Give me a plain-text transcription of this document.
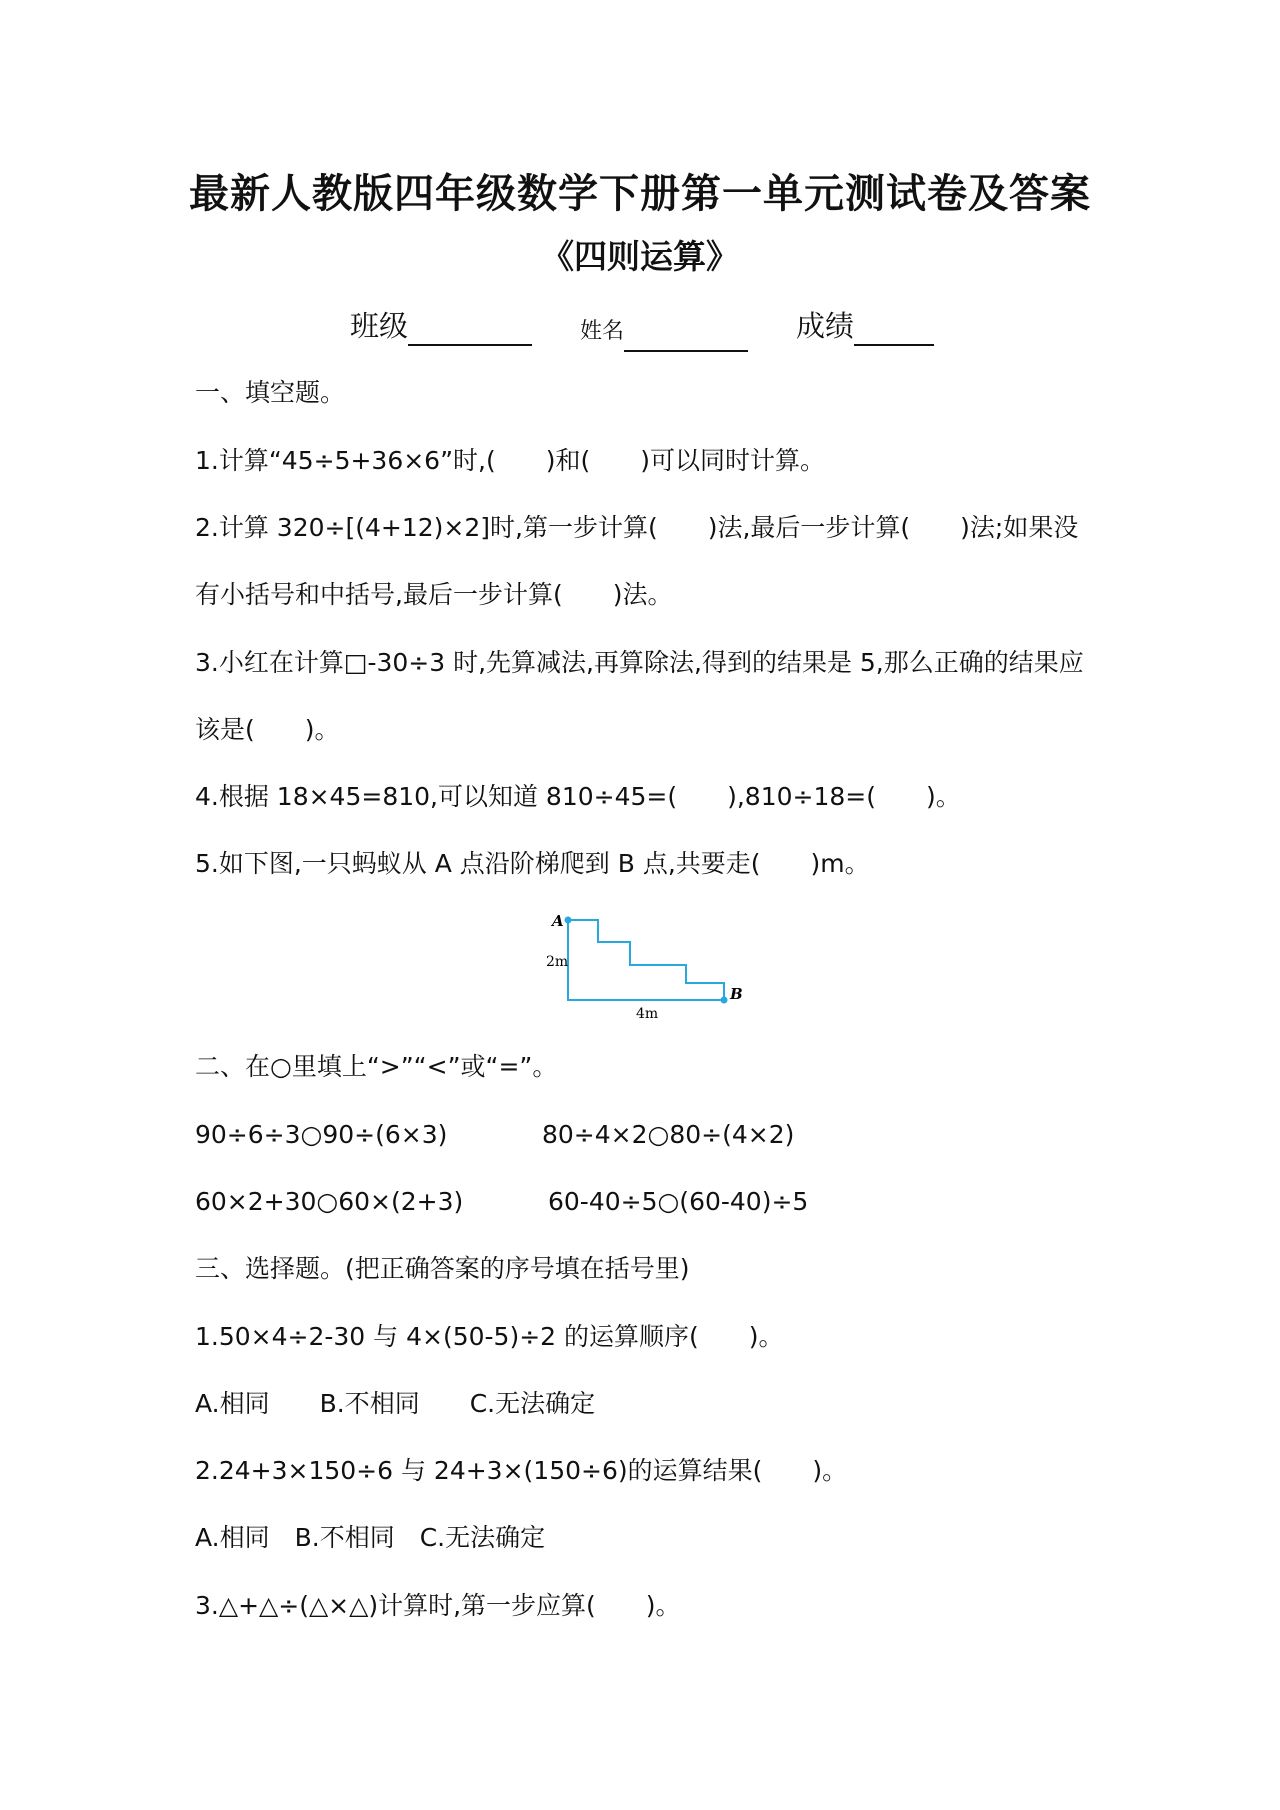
最新人教版四年级数学下册第一单元测试卷及答案
《四则运算》
班级	姓名	成绩
一、填空题。
1.计算“45÷5+36×6”时,(　　)和(　　)可以同时计算。
2.计算 320÷[(4+12)×2]时,第一步计算(　　)法,最后一步计算(　　)法;如果没
有小括号和中括号,最后一步计算(　　)法。
3.小红在计算□-30÷3 时,先算减法,再算除法,得到的结果是 5,那么正确的结果应
该是(　　)。
4.根据 18×45=810,可以知道 810÷45=(　　),810÷18=(　　)。
5.如下图,一只蚂蚁从 A 点沿阶梯爬到 B 点,共要走(　　)m。
A
B
2m
4m
二、在○里填上“>”“<”或“=”。
90÷6÷3○90÷(6×3)	80÷4×2○80÷(4×2)
60×2+30○60×(2+3)	60-40÷5○(60-40)÷5
三、选择题。(把正确答案的序号填在括号里)
1.50×4÷2-30 与 4×(50-5)÷2 的运算顺序(　　)。
A.相同　　B.不相同　　C.无法确定
2.24+3×150÷6 与 24+3×(150÷6)的运算结果(　　)。
A.相同　B.不相同　C.无法确定
3.△+△÷(△×△)计算时,第一步应算(　　)。
